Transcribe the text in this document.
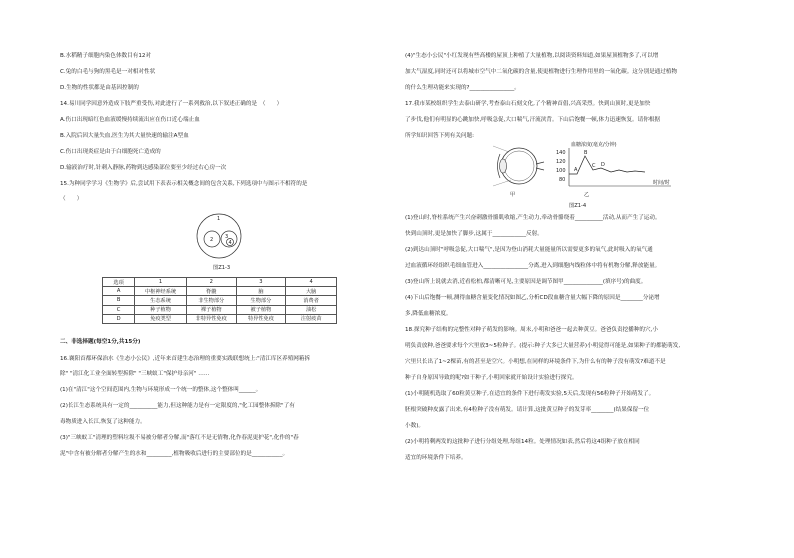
B.水稻精子细胞内染色体数目有12对
C.兔的白毛与狗的黑毛是一对相对性状
D.生物的性状都是由基因控制的
14.易川同学因意外造成下肢严重受伤,对此进行了一系列救治,以下叙述正确的是　（　　）
A.伤口出现暗红色血液缓慢持续流出应在伤口近心端止血
B.入院后因大量失血,医生为其大量快速的输注A型血
C.伤口出现炎症是由于白细胞死亡造成的
D.输液治疗时,针刺入静脉,药物到达感染部位要至少经过右心房一次
15.为种同学学习《生物学》后,尝试用下表表示相关概念间的包含关系,下列选项中与图示不相符的是
（　　）
1
2 3
4
图Z1-3
选项	1	2	3	4
A	中枢神经系统	脊髓	脑	大脑
B	生态系统	非生物部分	生物部分	消费者
C	种子植物	裸子植物	被子植物	油松
D	免疫类型	非特异性免疫	特异性免疫	注射疫苗
二、非选择题(每空1分,共15分)
16.襄阳首都环保治水《生态小公民》,近年来首建生态治理的重要实践联想统上:"清江库区养殖网箱拆
除" "清江化工业全面转型拆除" "三峡蚁工"保护母亲河" ……
(1)在"清江"这个空间范围内,生物与环境形成一个统一的整体,这个整体叫______。
(2)长江生态系统具有一定的__________能力,但这种能力是有一定限度的,"化工园整体拆除"了有
毒物质进入长江,恢复了这种能力。
(3)"三峡蚁工"清理的塑料垃圾不易被分解者分解,而"落红不是无情物,化作春泥更护花",化作的"春
泥"中含有被分解者分解产生的水和_________,植物吸收后进行的主要部位的是___________。
(4)"生态小公民"小红发现有些高楼的屋顶上种植了大量植物,以阅读资料知道,如果屋顶植物多了,可以增
加大气湿度,同时还可以将城市空气中二氧化碳的含量,使更植物进行生理作用里的一氧化碳。这分别是通过植物
的什么生理功能来实现的?________________。
17.我市某校组织学生去泰山研学,考查泰山石刻文化,了个精神首倡,兴高采烈。快到山顶时,更是加快
了步伐,他们有明显的心跳加快,呼吸急促,大口喘气,汗流浃背。下山后饱餐一顿,体力迅速恢复。请你根据
所学知识回答下列有关问题:
甲
血糖浓度(毫克/分钟)
140
120
100
80
A
B
C D
时间/时
乙
图Z1-4
(1)登山时,脊柱系统产生兴奋刺激骨骼肌收缩,产生动力,牵动骨骼绕着__________活动,从而产生了运动。
快到山顶时,更是加快了脚步,这属于____________反射。
(2)到达山顶时"呼吸急促,大口喘气",是因为登山消耗大量能量所以需要更多的氧气,此时吸入的氧气通
过血液循环经组织毛细血管进入________________分离,进入到细胞内线粒体中将有机物分解,释放能量。
(3)登山所上说就去消,近看松柏,都清晰可见,主要原因是调节图甲______________(填序号)的曲度。
(4)下山后饱餐一顿,测得血糖含量变化情况如图乙,分析CD段血糖含量大幅下降的原因是________分泌增
多,降低血糖浓度。
18.探究种子结构的完整性对种子萌发的影响。周末,小明和爸爸一起去种黄豆。爸爸负责挖播种的穴,小
明负责放种,爸爸要求每个穴里放3~5粒种子。(提示:种子大多已大量营养)小明觉得可能是,如果种子的都能萌发,
穴里只长出了1~2棵苗,有的甚至是空穴。小明想,在同样的环境条件下,为什么有的种子没有萌发?难道不是
种子自身原因导致的呢?如干种子,小明回家就开始设计实验进行探究。
(1)小明随机选取了60粒黄豆种子,在适宜的条件下进行萌发实验,5天后,发现有56粒种子开始萌发了。
胚根突破种皮露了出来,有4粒种子没有萌发。请计算,这批黄豆种子的发芽率________(结果保留一位
小数)。
(2)小明将剩两发的这批种子进行分组处理,每组14粒。处理情况如表,然后将这4组种子放在相同
适宜的环境条件下培养。
